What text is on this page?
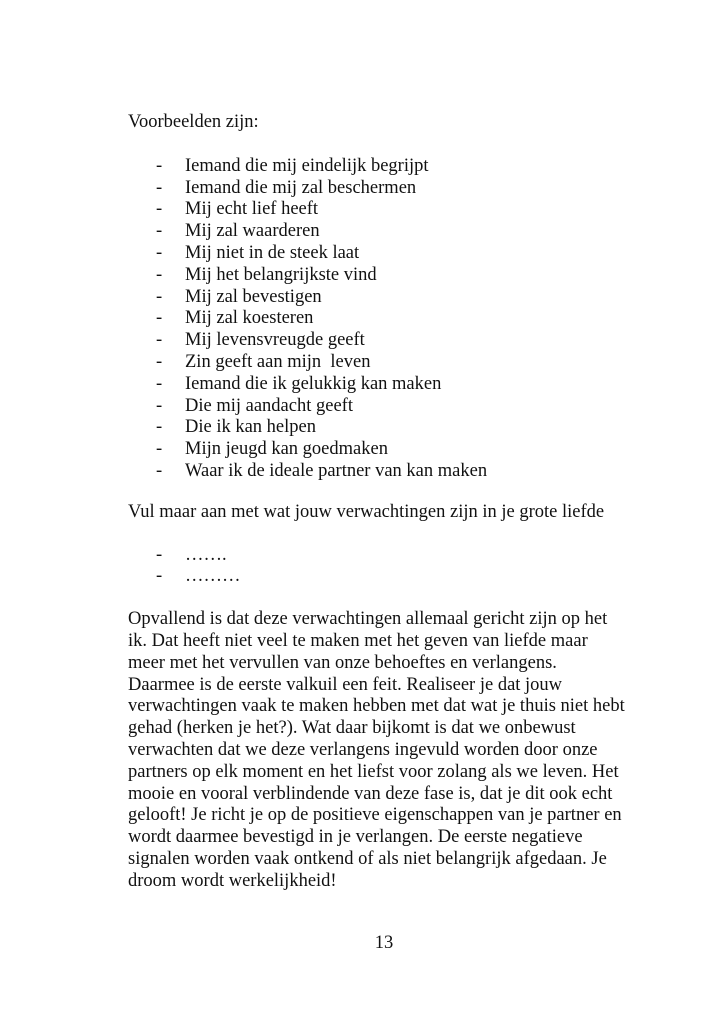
Voorbeelden zijn:

- Iemand die mij eindelijk begrijpt
- Iemand die mij zal beschermen
- Mij echt lief heeft
- Mij zal waarderen
- Mij niet in de steek laat
- Mij het belangrijkste vind
- Mij zal bevestigen
- Mij zal koesteren
- Mij levensvreugde geeft
- Zin geeft aan mijn  leven
- Iemand die ik gelukkig kan maken
- Die mij aandacht geeft
- Die ik kan helpen
- Mijn jeugd kan goedmaken
- Waar ik de ideale partner van kan maken

Vul maar aan met wat jouw verwachtingen zijn in je grote liefde

- …….
- ………
Opvallend is dat deze verwachtingen allemaal gericht zijn op het
ik. Dat heeft niet veel te maken met het geven van liefde maar
meer met het vervullen van onze behoeftes en verlangens.
Daarmee is de eerste valkuil een feit. Realiseer je dat jouw
verwachtingen vaak te maken hebben met dat wat je thuis niet hebt
gehad (herken je het?). Wat daar bijkomt is dat we onbewust
verwachten dat we deze verlangens ingevuld worden door onze
partners op elk moment en het liefst voor zolang als we leven. Het
mooie en vooral verblindende van deze fase is, dat je dit ook echt
gelooft! Je richt je op de positieve eigenschappen van je partner en
wordt daarmee bevestigd in je verlangen. De eerste negatieve
signalen worden vaak ontkend of als niet belangrijk afgedaan. Je
droom wordt werkelijkheid!
13
